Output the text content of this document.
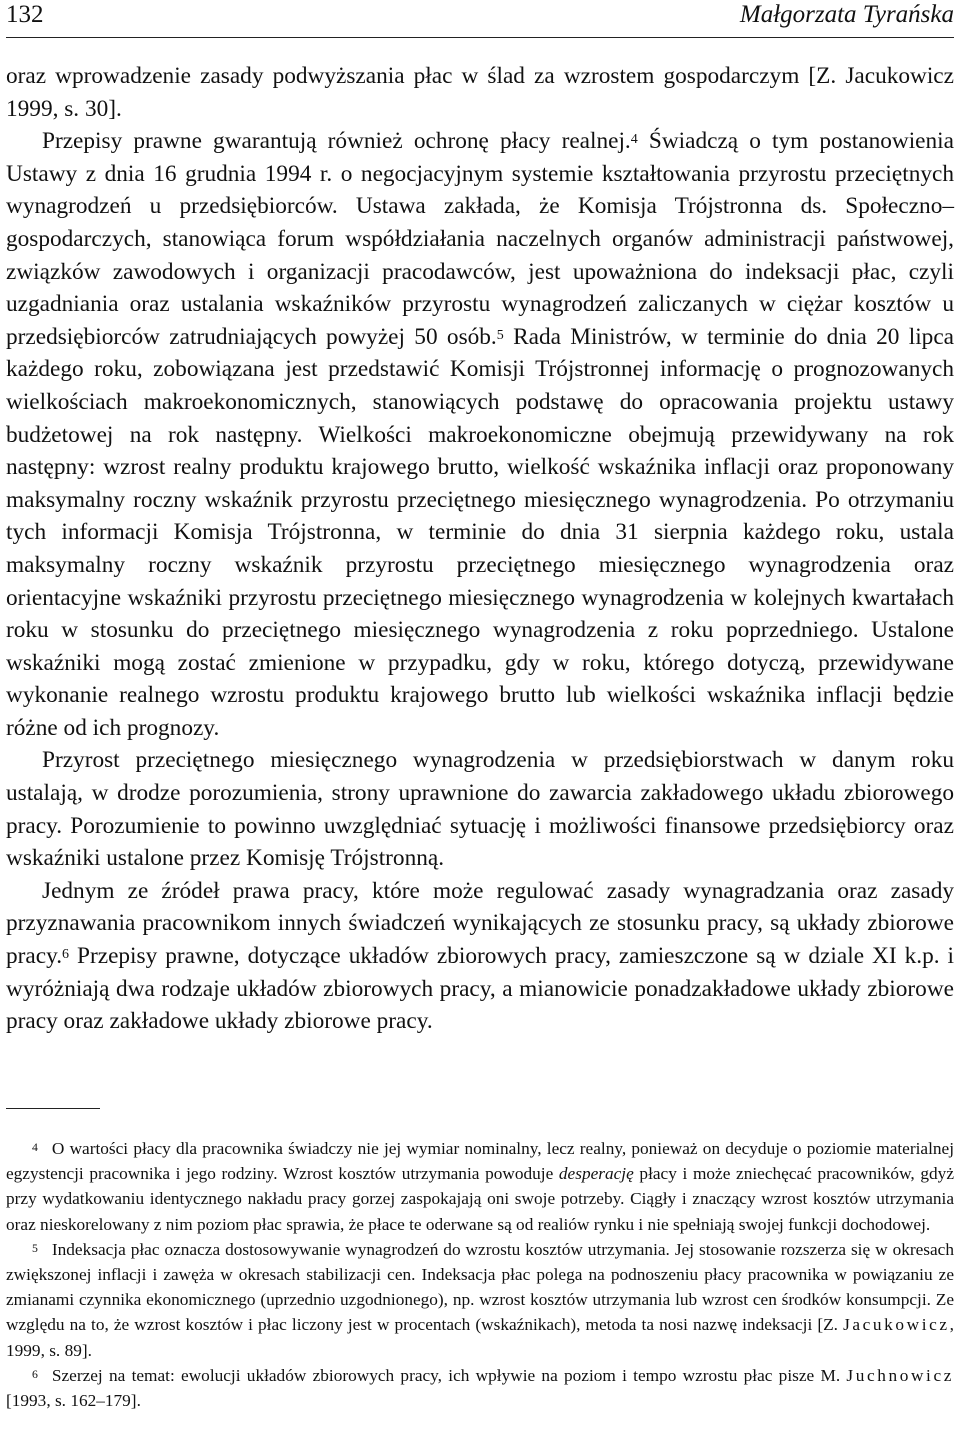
132	Małgorzata Tyrańska

oraz wprowadzenie zasady podwyższania płac w ślad za wzrostem gospodarczym [Z. Jacukowicz 1999, s. 30].

Przepisy prawne gwarantują również ochronę płacy realnej.$^4$ Świadczą o tym postanowienia Ustawy z dnia 16 grudnia 1994 r. o negocjacyjnym systemie kształtowania przyrostu przeciętnych wynagrodzeń u przedsiębiorców. Ustawa zakłada, że Komisja Trójstronna ds. Społeczno–gospodarczych, stanowiąca forum współdziałania naczelnych organów administracji państwowej, związków zawodowych i organizacji pracodawców, jest upoważniona do indeksacji płac, czyli uzgadniania oraz ustalania wskaźników przyrostu wynagrodzeń zaliczanych w ciężar kosztów u przedsiębiorców zatrudniających powyżej 50 osób.$^5$ Rada Ministrów, w terminie do dnia 20 lipca każdego roku, zobowiązana jest przedstawić Komisji Trójstronnej informację o prognozowanych wielkościach makroekonomicznych, stanowiących podstawę do opracowania projektu ustawy budżetowej na rok następny. Wielkości makroekonomiczne obejmują przewidywany na rok następny: wzrost realny produktu krajowego brutto, wielkość wskaźnika inflacji oraz proponowany maksymalny roczny wskaźnik przyrostu przeciętnego miesięcznego wynagrodzenia. Po otrzymaniu tych informacji Komisja Trójstronna, w terminie do dnia 31 sierpnia każdego roku, ustala maksymalny roczny wskaźnik przyrostu przeciętnego miesięcznego wynagrodzenia oraz orientacyjne wskaźniki przyrostu przeciętnego miesięcznego wynagrodzenia w kolejnych kwartałach roku w stosunku do przeciętnego miesięcznego wynagrodzenia z roku poprzedniego. Ustalone wskaźniki mogą zostać zmienione w przypadku, gdy w roku, którego dotyczą, przewidywane wykonanie realnego wzrostu produktu krajowego brutto lub wielkości wskaźnika inflacji będzie różne od ich prognozy.

Przyrost przeciętnego miesięcznego wynagrodzenia w przedsiębiorstwach w danym roku ustalają, w drodze porozumienia, strony uprawnione do zawarcia zakładowego układu zbiorowego pracy. Porozumienie to powinno uwzględniać sytuację i możliwości finansowe przedsiębiorcy oraz wskaźniki ustalone przez Komisję Trójstronną.

Jednym ze źródeł prawa pracy, które może regulować zasady wynagradzania oraz zasady przyznawania pracownikom innych świadczeń wynikających ze stosunku pracy, są układy zbiorowe pracy.$^6$ Przepisy prawne, dotyczące układów zbiorowych pracy, zamieszczone są w dziale XI k.p. i wyróżniają dwa rodzaje układów zbiorowych pracy, a mianowicie ponadzakładowe układy zbiorowe pracy oraz zakładowe układy zbiorowe pracy.

$^4$ O wartości płacy dla pracownika świadczy nie jej wymiar nominalny, lecz realny, ponieważ on decyduje o poziomie materialnej egzystencji pracownika i jego rodziny. Wzrost kosztów utrzymania powoduje desperację płacy i może zniechęcać pracowników, gdyż przy wydatkowaniu identycznego nakładu pracy gorzej zaspokajają oni swoje potrzeby. Ciągły i znaczący wzrost kosztów utrzymania oraz nieskorelowany z nim poziom płac sprawia, że płace te oderwane są od realiów rynku i nie spełniają swojej funkcji dochodowej.

$^5$ Indeksacja płac oznacza dostosowywanie wynagrodzeń do wzrostu kosztów utrzymania. Jej stosowanie rozszerza się w okresach zwiększonej inflacji i zawęża w okresach stabilizacji cen. Indeksacja płac polega na podnoszeniu płacy pracownika w powiązaniu ze zmianami czynnika ekonomicznego (uprzednio uzgodnionego), np. wzrost kosztów utrzymania lub wzrost cen środków konsumpcji. Ze względu na to, że wzrost kosztów i płac liczony jest w procentach (wskaźnikach), metoda ta nosi nazwę indeksacji [Z. Jacukowicz, 1999, s. 89].

$^6$ Szerzej na temat: ewolucji układów zbiorowych pracy, ich wpływie na poziom i tempo wzrostu płac pisze M. Juchnowicz [1993, s. 162–179].
